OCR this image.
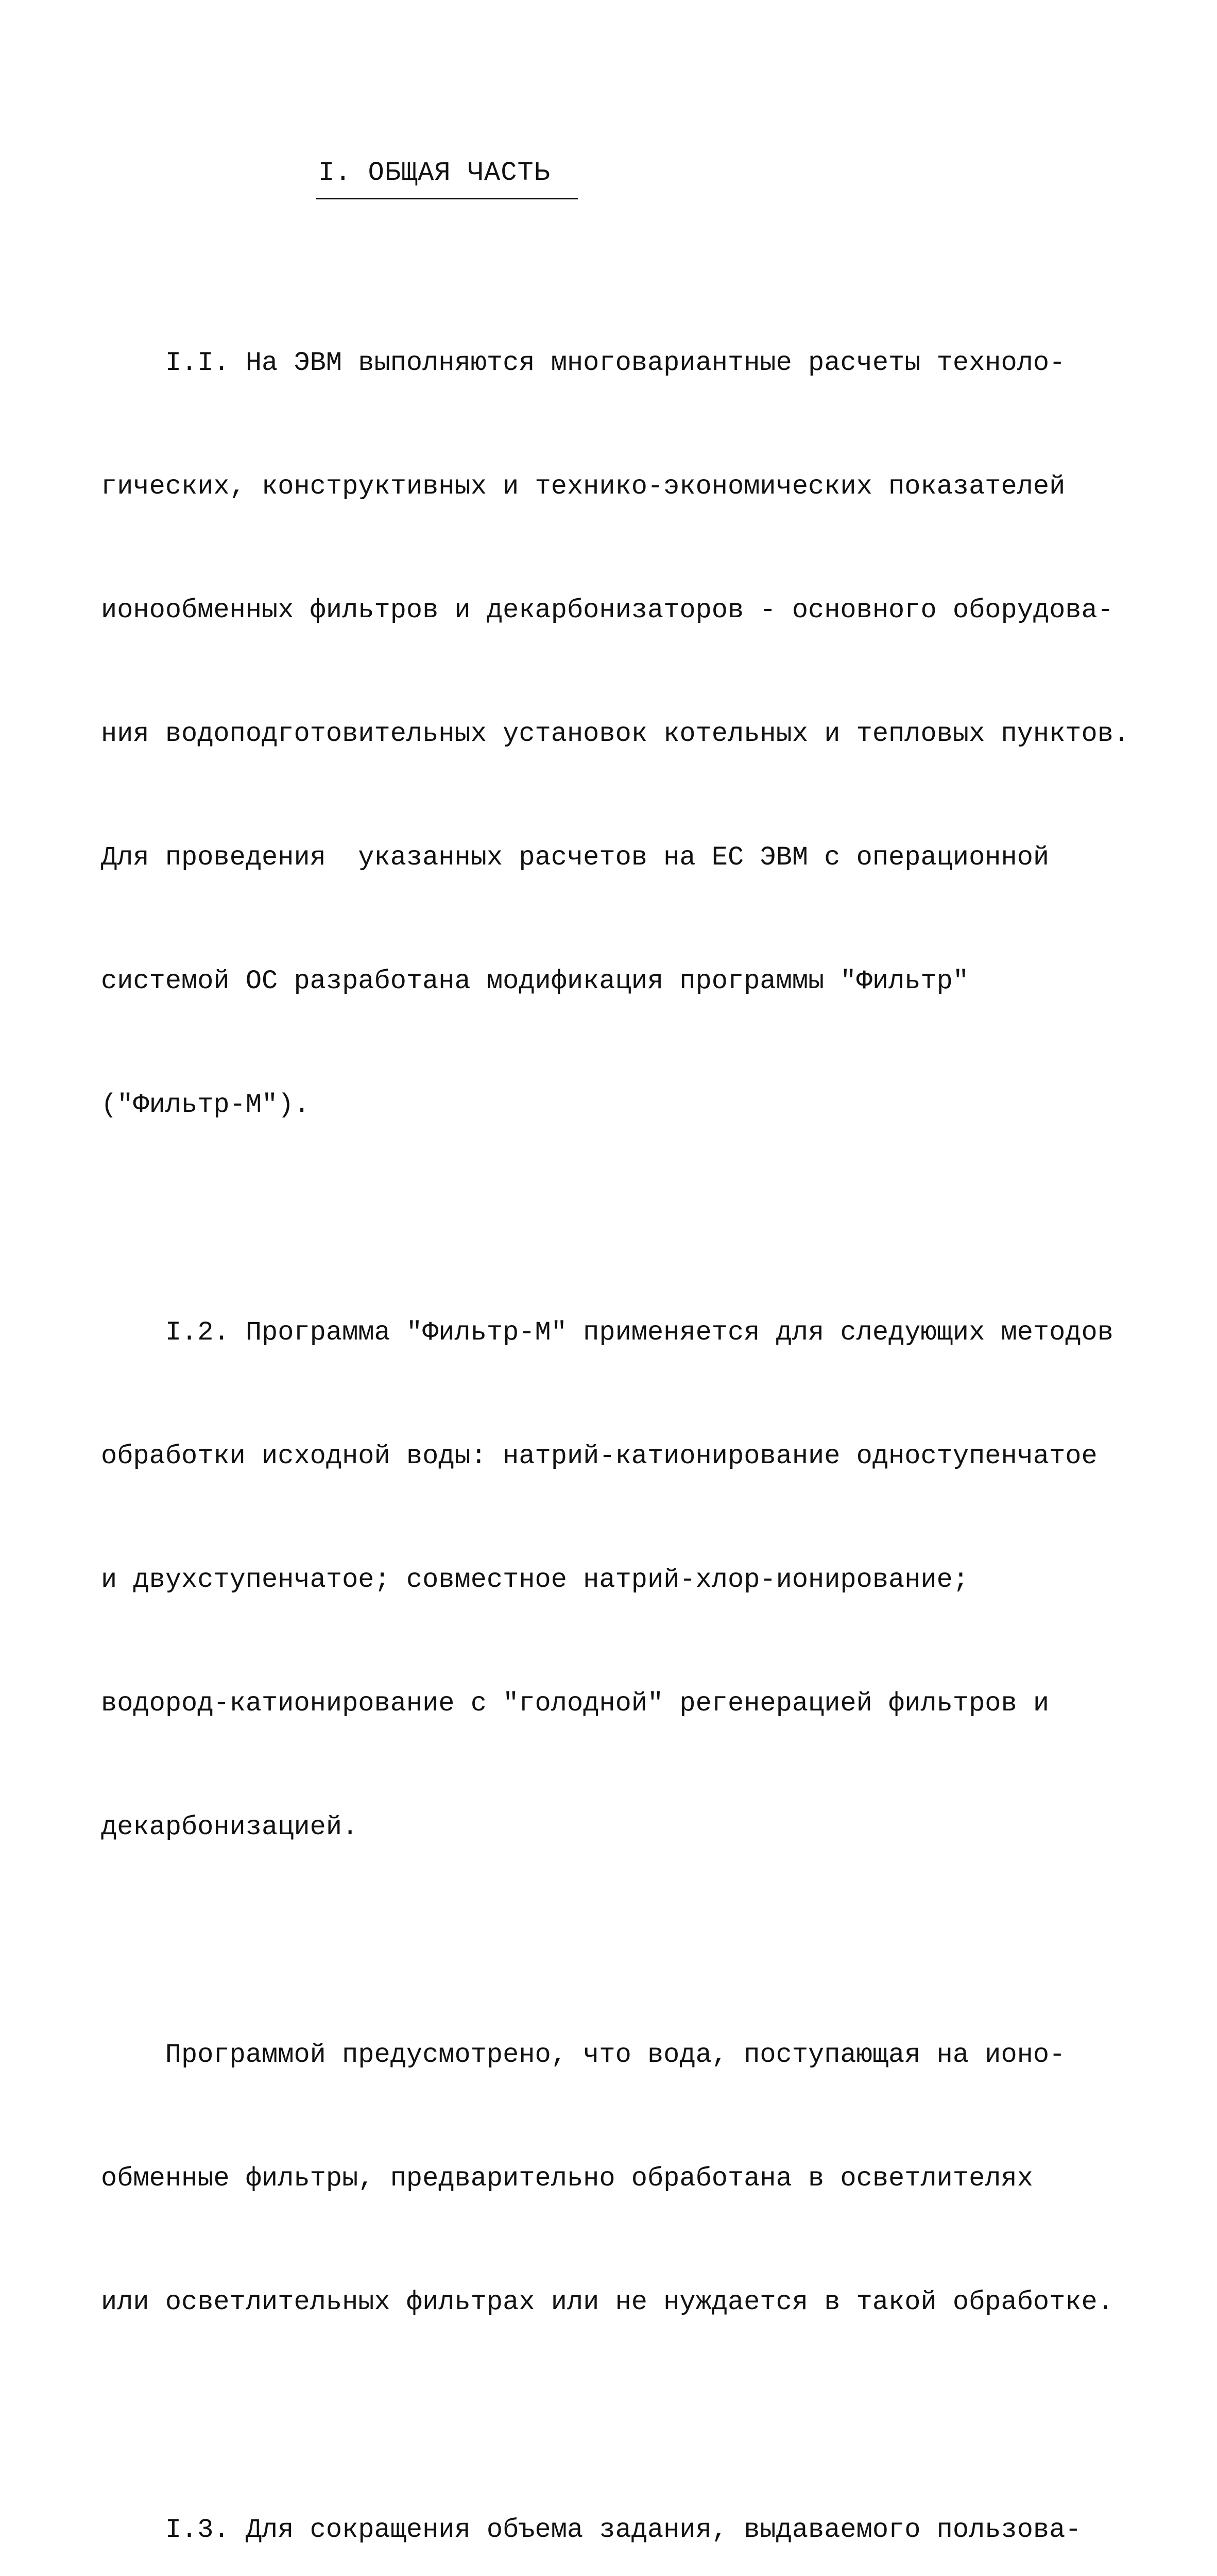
I. ОБЩАЯ ЧАСТЬ

I.I. На ЭВМ выполняются многовариантные расчеты техноло-

гических, конструктивных и технико-экономических показателей

ионообменных фильтров и декарбонизаторов - основного оборудова-

ния водоподготовительных установок котельных и тепловых пунктов.

Для проведения  указанных расчетов на ЕС ЭВМ с операционной

системой ОС разработана модификация программы "Фильтр"

("Фильтр-М").

I.2. Программа "Фильтр-М" применяется для следующих методов

обработки исходной воды: натрий-катионирование одноступенчатое

и двухступенчатое; совместное натрий-хлор-ионирование;

водород-катионирование с "голодной" регенерацией фильтров и

декарбонизацией.

Программой предусмотрено, что вода, поступающая на ионо-

обменные фильтры, предварительно обработана в осветлителях

или осветлительных фильтрах или не нуждается в такой обработке.

I.3. Для сокращения объема задания, выдаваемого пользова-
